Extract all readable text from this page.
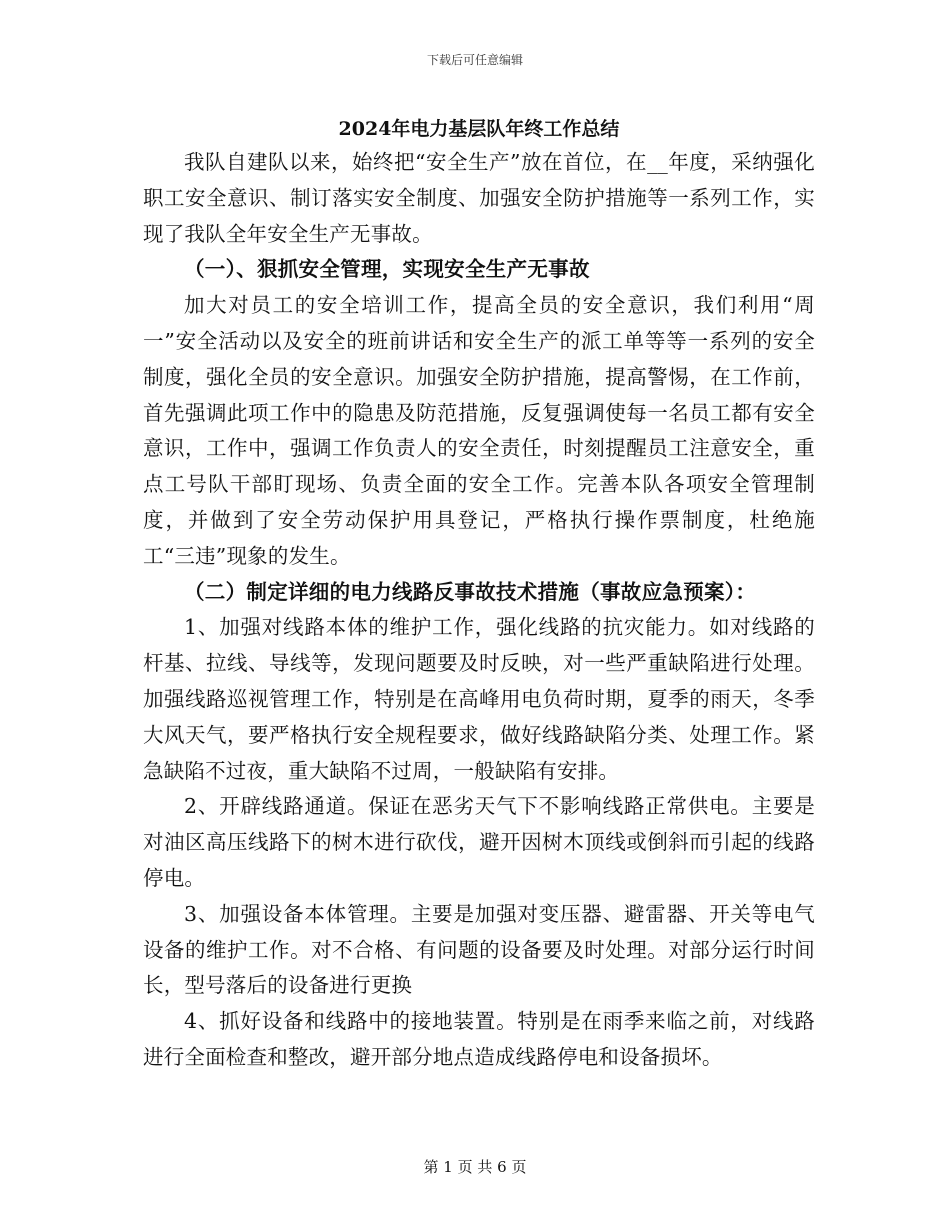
下载后可任意编辑
2024年电力基层队年终工作总结

我队自建队以来，始终把“安全生产”放在首位，在__年度，采纳强化职工安全意识、制订落实安全制度、加强安全防护措施等一系列工作，实现了我队全年安全生产无事故。

（一）、狠抓安全管理，实现安全生产无事故

加大对员工的安全培训工作，提高全员的安全意识，我们利用“周一”安全活动以及安全的班前讲话和安全生产的派工单等等一系列的安全制度，强化全员的安全意识。加强安全防护措施，提高警惕，在工作前，首先强调此项工作中的隐患及防范措施，反复强调使每一名员工都有安全意识，工作中，强调工作负责人的安全责任，时刻提醒员工注意安全，重点工号队干部盯现场、负责全面的安全工作。完善本队各项安全管理制度，并做到了安全劳动保护用具登记，严格执行操作票制度，杜绝施工“三违”现象的发生。

（二）制定详细的电力线路反事故技术措施（事故应急预案）：

1、加强对线路本体的维护工作，强化线路的抗灾能力。如对线路的杆基、拉线、导线等，发现问题要及时反映，对一些严重缺陷进行处理。加强线路巡视管理工作，特别是在高峰用电负荷时期，夏季的雨天，冬季大风天气，要严格执行安全规程要求，做好线路缺陷分类、处理工作。紧急缺陷不过夜，重大缺陷不过周，一般缺陷有安排。

2、开辟线路通道。保证在恶劣天气下不影响线路正常供电。主要是对油区高压线路下的树木进行砍伐，避开因树木顶线或倒斜而引起的线路停电。

3、加强设备本体管理。主要是加强对变压器、避雷器、开关等电气设备的维护工作。对不合格、有问题的设备要及时处理。对部分运行时间长，型号落后的设备进行更换

4、抓好设备和线路中的接地装置。特别是在雨季来临之前，对线路进行全面检查和整改，避开部分地点造成线路停电和设备损坏。

第 1 页 共 6 页
